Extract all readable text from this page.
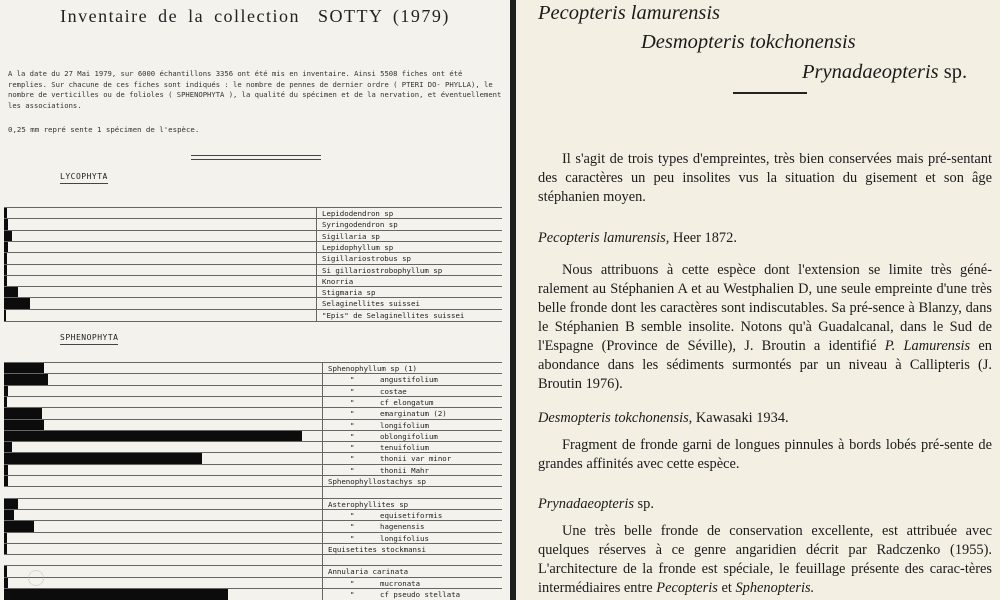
Inventaire de la collection SOTTY (1979)
A la date du 27 Mai 1979, sur 6000 échantillons 3356 ont été mis en inventaire. Ainsi 5508 fiches ont été remplies. Sur chacune de ces fiches sont indiqués : le nombre de pennes de dernier ordre ( PTERI DO- PHYLLA), le nombre de verticilles ou de folioles ( SPHENOPHYTA ), la qualité du spécimen et de la nervation, et éventuellement les associations.
0,25 mm repré sente 1 spécimen de l'espèce.
LYCOPHYTA
Lepidodendron sp
Syringodendron sp
Sigillaria sp
Lepidophyllum sp
Sigillariostrobus sp
Si gillariostrobophyllum sp
Knorria
Stigmaria sp
Selaginellites suissei
"Epis" de Selaginellites suissei
SPHENOPHYTA
Sphenophyllum sp (1)
"	angustifolium
"	costae
"	cf elongatum
"	emarginatum (2)
"	longifolium
"	oblongifolium
"	tenuifolium
"	thonii var minor
"	thonii Mahr
Sphenophyllostachys sp
Asterophyllites sp
"	equisetiformis
"	hagenensis
"	longifolius
Equisetites stockmansi
Annularia carinata
"	mucronata
"	cf pseudo stellata
Pecopteris lamurensis
Desmopteris tokchonensis
Prynadaeopteris sp.
Il s'agit de trois types d'empreintes, très bien conservées mais pré-sentant des caractères un peu insolites vus la situation du gisement et son âge stéphanien moyen.
Pecopteris lamurensis, Heer 1872.
Nous attribuons à cette espèce dont l'extension se limite très géné-ralement au Stéphanien A et au Westphalien D, une seule empreinte d'une très belle fronde dont les caractères sont indiscutables. Sa pré-sence à Blanzy, dans le Stéphanien B semble insolite. Notons qu'à Guadalcanal, dans le Sud de l'Espagne (Province de Séville), J. Broutin a identifié P. Lamurensis en abondance dans les sédiments surmontés par un niveau à Callipteris (J. Broutin 1976).
Desmopteris tokchonensis, Kawasaki 1934.
Fragment de fronde garni de longues pinnules à bords lobés pré-sente de grandes affinités avec cette espèce.
Prynadaeopteris sp.
Une très belle fronde de conservation excellente, est attribuée avec quelques réserves à ce genre angaridien décrit par Radczenko (1955). L'architecture de la fronde est spéciale, le feuillage présente des carac-tères intermédiaires entre Pecopteris et Sphenopteris.
